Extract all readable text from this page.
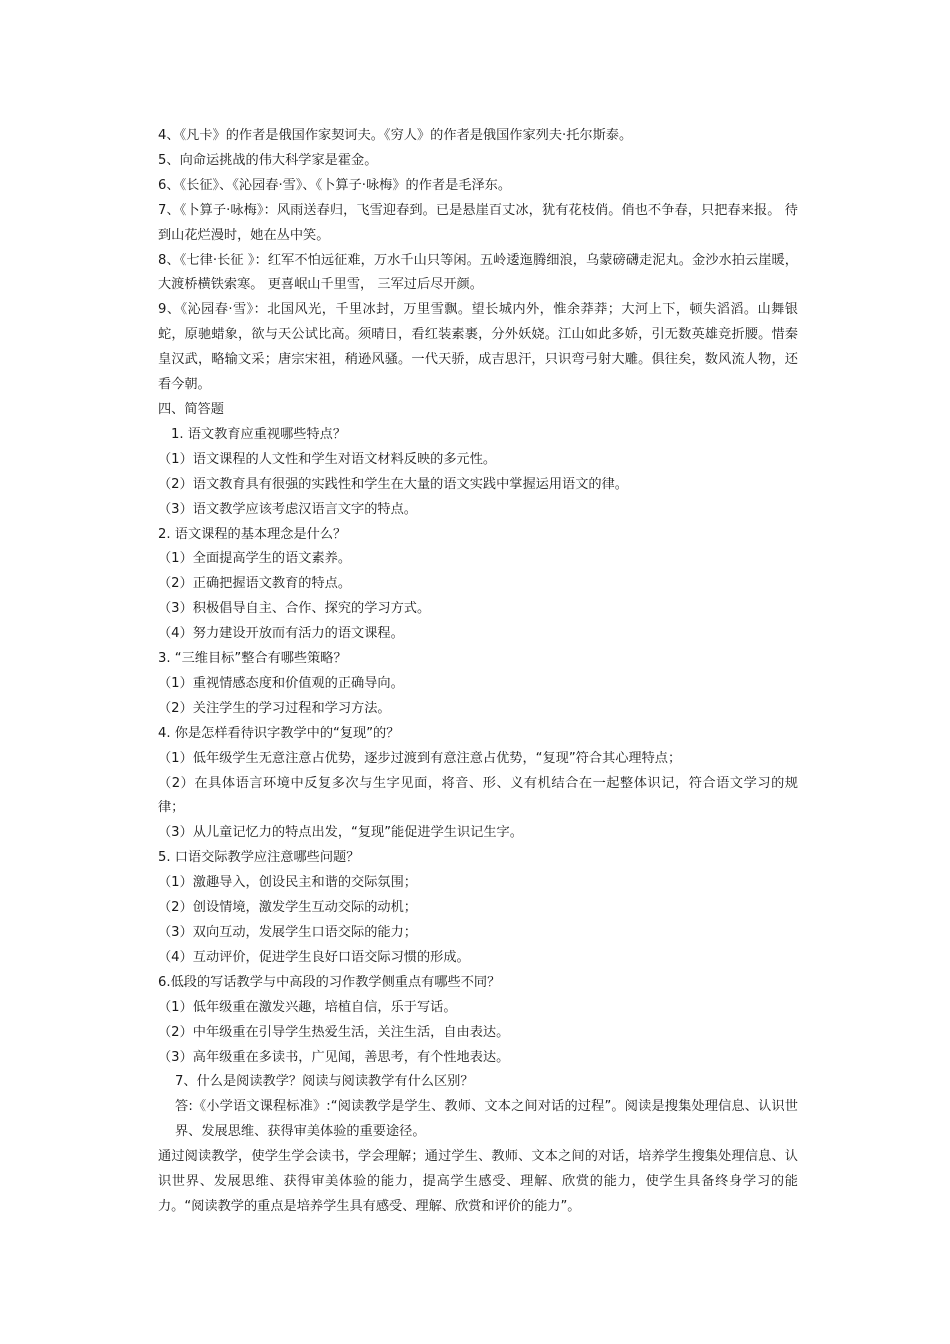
4、《凡卡》的作者是俄国作家契诃夫。《穷人》的作者是俄国作家列夫·托尔斯泰。

5、向命运挑战的伟大科学家是霍金。

6、《长征》、《沁园春·雪》、《卜算子·咏梅》的作者是毛泽东。

7、《卜算子·咏梅》：风雨送春归，飞雪迎春到。已是悬崖百丈冰，犹有花枝俏。俏也不争春，只把春来报。 待到山花烂漫时，她在丛中笑。

8、《七律·长征 》：红军不怕远征难，万水千山只等闲。五岭逶迤腾细浪，乌蒙磅礴走泥丸。金沙水拍云崖暖， 大渡桥横铁索寒。 更喜岷山千里雪， 三军过后尽开颜。

9、《沁园春·雪》：北国风光，千里冰封，万里雪飘。望长城内外，惟余莽莽；大河上下，顿失滔滔。山舞银蛇，原驰蜡象，欲与天公试比高。须晴日，看红装素裹，分外妖娆。江山如此多娇，引无数英雄竞折腰。惜秦皇汉武，略输文采；唐宗宋祖，稍逊风骚。一代天骄，成吉思汗，只识弯弓射大雕。俱往矣，数风流人物，还看今朝。

四、简答题

1. 语文教育应重视哪些特点？

（1）语文课程的人文性和学生对语文材料反映的多元性。

（2）语文教育具有很强的实践性和学生在大量的语文实践中掌握运用语文的律。

（3）语文教学应该考虑汉语言文字的特点。

2. 语文课程的基本理念是什么？

（1）全面提高学生的语文素养。

（2）正确把握语文教育的特点。

（3）积极倡导自主、合作、探究的学习方式。

（4）努力建设开放而有活力的语文课程。

3. “三维目标”整合有哪些策略？

（1）重视情感态度和价值观的正确导向。

（2）关注学生的学习过程和学习方法。

4. 你是怎样看待识字教学中的“复现”的？

（1）低年级学生无意注意占优势，逐步过渡到有意注意占优势，“复现”符合其心理特点；

（2）在具体语言环境中反复多次与生字见面，将音、形、义有机结合在一起整体识记，符合语文学习的规律；

（3）从儿童记忆力的特点出发，“复现”能促进学生识记生字。

5. 口语交际教学应注意哪些问题？

（1）激趣导入，创设民主和谐的交际氛围；

（2）创设情境，激发学生互动交际的动机；

（3）双向互动，发展学生口语交际的能力；

（4）互动评价，促进学生良好口语交际习惯的形成。

6.低段的写话教学与中高段的习作教学侧重点有哪些不同？

（1）低年级重在激发兴趣，培植自信，乐于写话。

（2）中年级重在引导学生热爱生活，关注生活，自由表达。

（3）高年级重在多读书，广见闻，善思考，有个性地表达。

7、什么是阅读教学？阅读与阅读教学有什么区别？

答:《小学语文课程标准》:“阅读教学是学生、教师、文本之间对话的过程”。阅读是搜集处理信息、认识世界、发展思维、获得审美体验的重要途径。

通过阅读教学，使学生学会读书，学会理解；通过学生、教师、文本之间的对话，培养学生搜集处理信息、认识世界、发展思维、获得审美体验的能力，提高学生感受、理解、欣赏的能力，使学生具备终身学习的能力。“阅读教学的重点是培养学生具有感受、理解、欣赏和评价的能力”。
